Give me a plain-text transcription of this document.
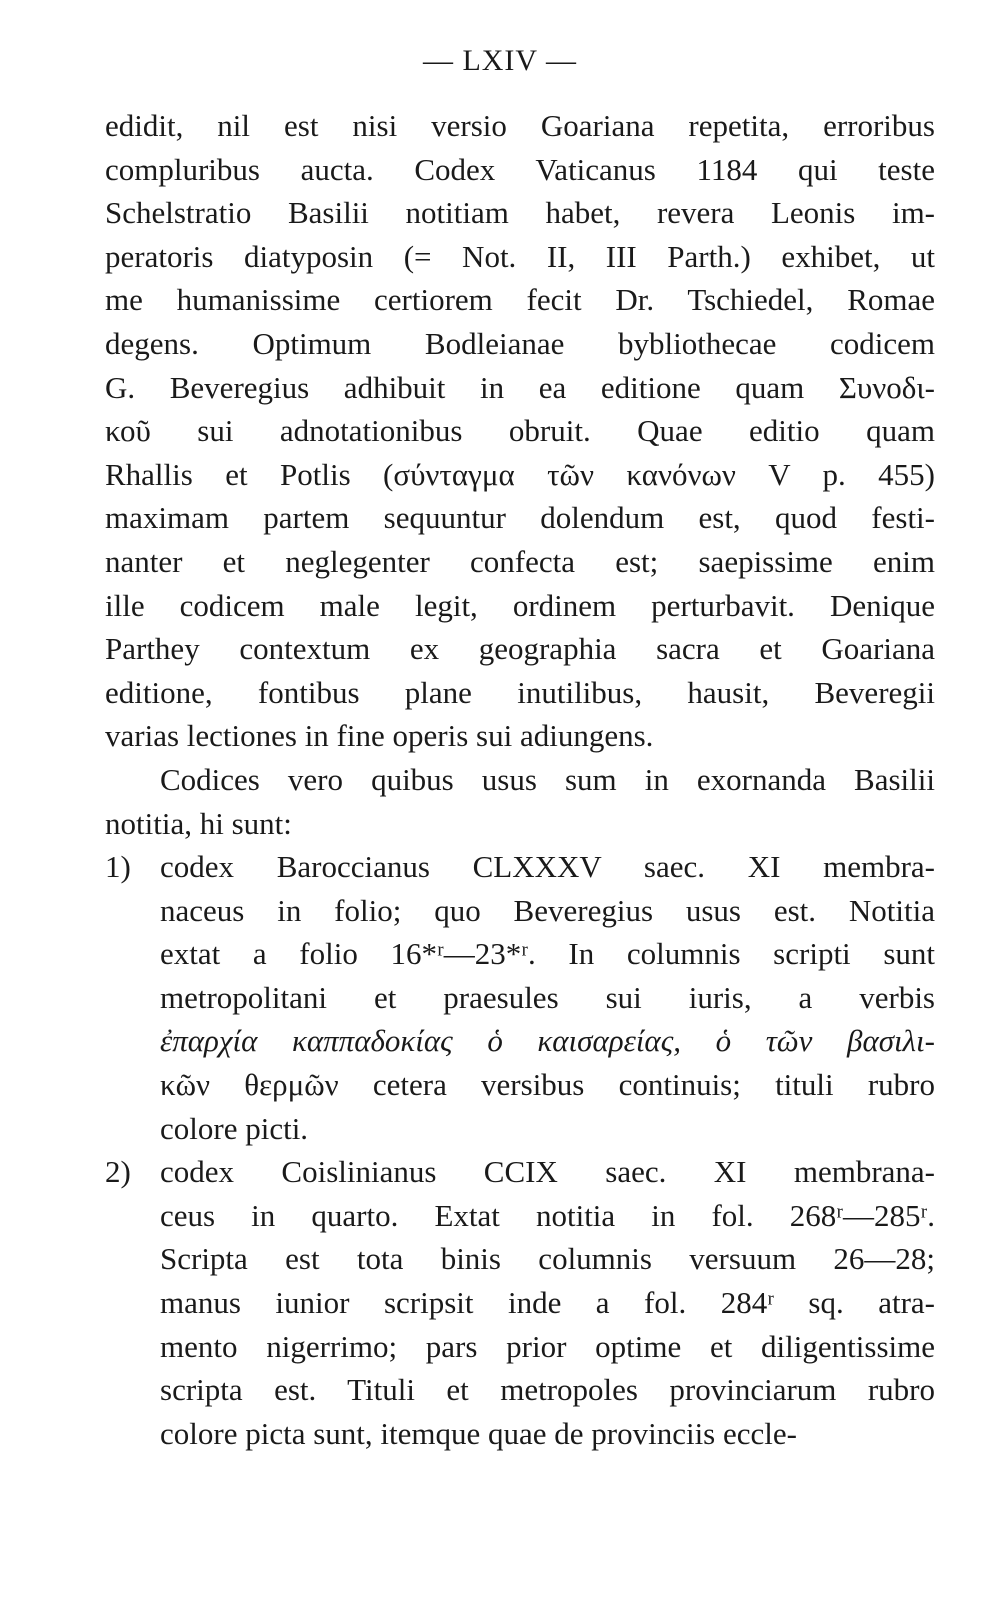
— LXIV —
edidit, nil est nisi versio Goariana repetita, erroribus
compluribus aucta. Codex Vaticanus 1184 qui teste
Schelstratio Basilii notitiam habet, revera Leonis im-
peratoris diatyposin (= Not. II, III Parth.) exhibet, ut
me humanissime certiorem fecit Dr. Tschiedel, Romae
degens. Optimum Bodleianae bybliothecae codicem
G. Beveregius adhibuit in ea editione quam Συνοδι-
κοῦ sui adnotationibus obruit. Quae editio quam
Rhallis et Potlis (σύνταγμα τῶν κανόνων V p. 455)
maximam partem sequuntur dolendum est, quod festi-
nanter et neglegenter confecta est; saepissime enim
ille codicem male legit, ordinem perturbavit. Denique
Parthey contextum ex geographia sacra et Goariana
editione, fontibus plane inutilibus, hausit, Beveregii
varias lectiones in fine operis sui adiungens.
Codices vero quibus usus sum in exornanda Basilii
notitia, hi sunt:
1) codex Baroccianus CLXXXV saec. XI membra-
naceus in folio; quo Beveregius usus est. Notitia
extat a folio 16*ʳ—23*ʳ. In columnis scripti sunt
metropolitani et praesules sui iuris, a verbis
ἐπαρχία καππαδοκίας ὁ καισαρείας, ὁ τῶν βασιλι-
κῶν θερμῶν cetera versibus continuis; tituli rubro
colore picti.
2) codex Coislinianus CCIX saec. XI membrana-
ceus in quarto. Extat notitia in fol. 268ʳ—285ʳ.
Scripta est tota binis columnis versuum 26—28;
manus iunior scripsit inde a fol. 284ʳ sq. atra-
mento nigerrimo; pars prior optime et diligentissime
scripta est. Tituli et metropoles provinciarum rubro
colore picta sunt, itemque quae de provinciis eccle-
